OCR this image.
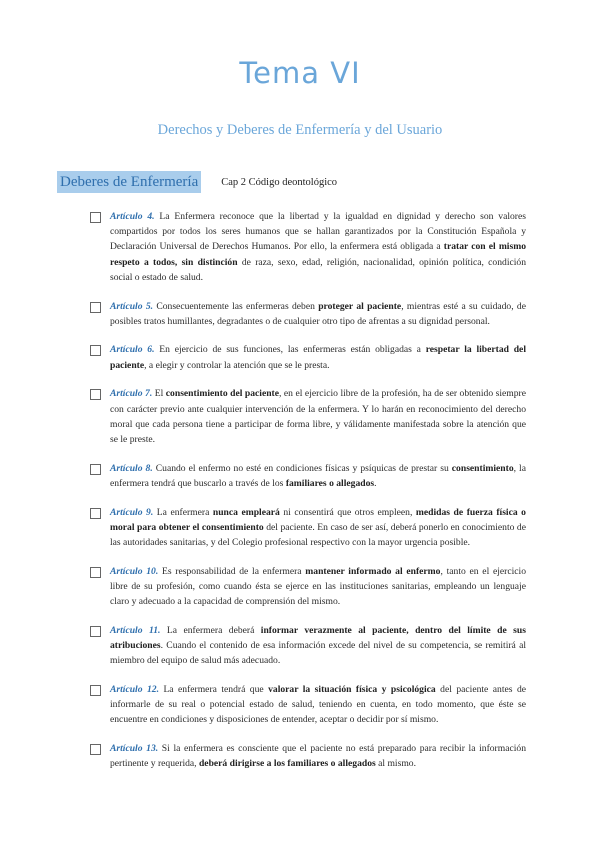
Tema VI
Derechos y Deberes de Enfermería y del Usuario
Deberes de Enfermería Cap 2 Código deontológico
Artículo 4. La Enfermera reconoce que la libertad y la igualdad en dignidad y derecho son valores compartidos por todos los seres humanos que se hallan garantizados por la Constitución Española y Declaración Universal de Derechos Humanos. Por ello, la enfermera está obligada a tratar con el mismo respeto a todos, sin distinción de raza, sexo, edad, religión, nacionalidad, opinión política, condición social o estado de salud.
Artículo 5. Consecuentemente las enfermeras deben proteger al paciente, mientras esté a su cuidado, de posibles tratos humillantes, degradantes o de cualquier otro tipo de afrentas a su dignidad personal.
Artículo 6. En ejercicio de sus funciones, las enfermeras están obligadas a respetar la libertad del paciente, a elegir y controlar la atención que se le presta.
Artículo 7. El consentimiento del paciente, en el ejercicio libre de la profesión, ha de ser obtenido siempre con carácter previo ante cualquier intervención de la enfermera. Y lo harán en reconocimiento del derecho moral que cada persona tiene a participar de forma libre, y válidamente manifestada sobre la atención que se le preste.
Artículo 8. Cuando el enfermo no esté en condiciones físicas y psíquicas de prestar su consentimiento, la enfermera tendrá que buscarlo a través de los familiares o allegados.
Artículo 9. La enfermera nunca empleará ni consentirá que otros empleen, medidas de fuerza física o moral para obtener el consentimiento del paciente. En caso de ser así, deberá ponerlo en conocimiento de las autoridades sanitarias, y del Colegio profesional respectivo con la mayor urgencia posible.
Artículo 10. Es responsabilidad de la enfermera mantener informado al enfermo, tanto en el ejercicio libre de su profesión, como cuando ésta se ejerce en las instituciones sanitarias, empleando un lenguaje claro y adecuado a la capacidad de comprensión del mismo.
Artículo 11. La enfermera deberá informar verazmente al paciente, dentro del límite de sus atribuciones. Cuando el contenido de esa información excede del nivel de su competencia, se remitirá al miembro del equipo de salud más adecuado.
Artículo 12. La enfermera tendrá que valorar la situación física y psicológica del paciente antes de informarle de su real o potencial estado de salud, teniendo en cuenta, en todo momento, que éste se encuentre en condiciones y disposiciones de entender, aceptar o decidir por sí mismo.
Artículo 13. Si la enfermera es consciente que el paciente no está preparado para recibir la información pertinente y requerida, deberá dirigirse a los familiares o allegados al mismo.
